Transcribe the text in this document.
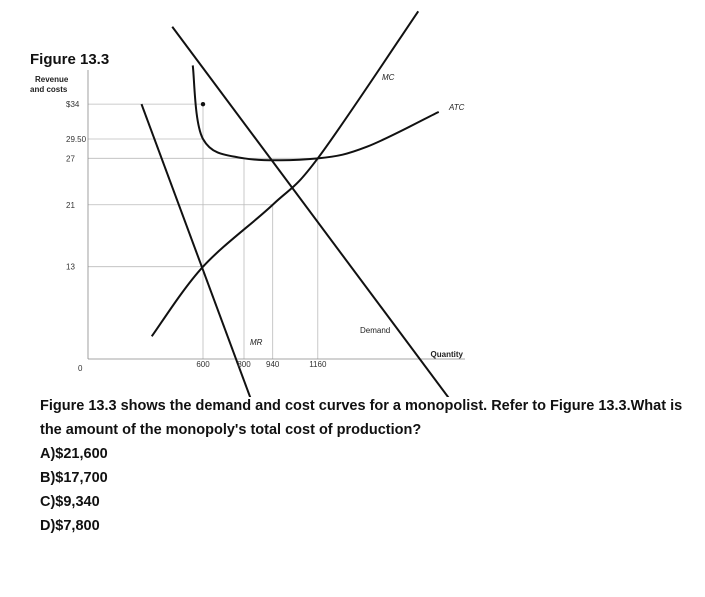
Figure 13.3
Revenue
and costs
$34
29.50
27
21
13
600	800 940	1160
0
Quantity
Demand
MR
MC
ATC

Figure 13.3 shows the demand and cost curves for a monopolist. Refer to Figure 13.3.What is the amount of the monopoly's total cost of production?

A)$21,600
B)$17,700
C)$9,340
D)$7,800
